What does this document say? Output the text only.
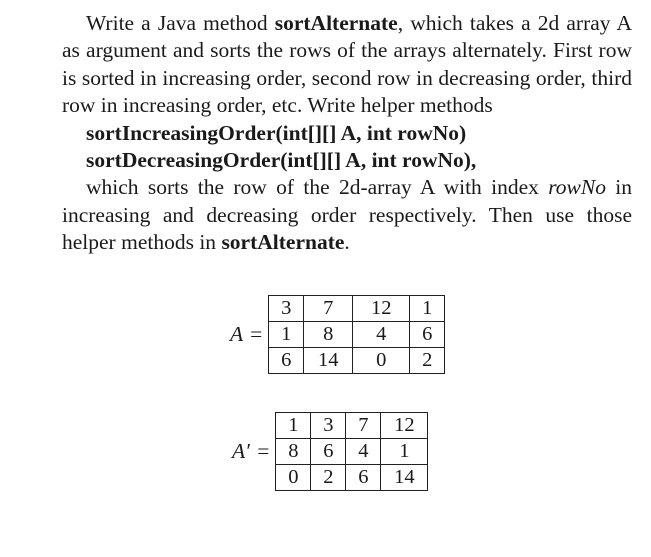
Write a Java method sortAlternate, which takes a 2d array A as argument and sorts the rows of the arrays alternately. First row is sorted in increasing order, second row in decreasing order, third row in increasing order, etc. Write helper methods

sortIncreasingOrder(int[][] A, int rowNo)

sortDecreasingOrder(int[][] A, int rowNo),

which sorts the row of the 2d-array A with index rowNo in increasing and decreasing order respectively. Then use those helper methods in sortAlternate.

A =
3	7	12	1
1	8	4	6
6	14	0	2
A′ =
1	3	7	12
8	6	4	1
0	2	6	14
